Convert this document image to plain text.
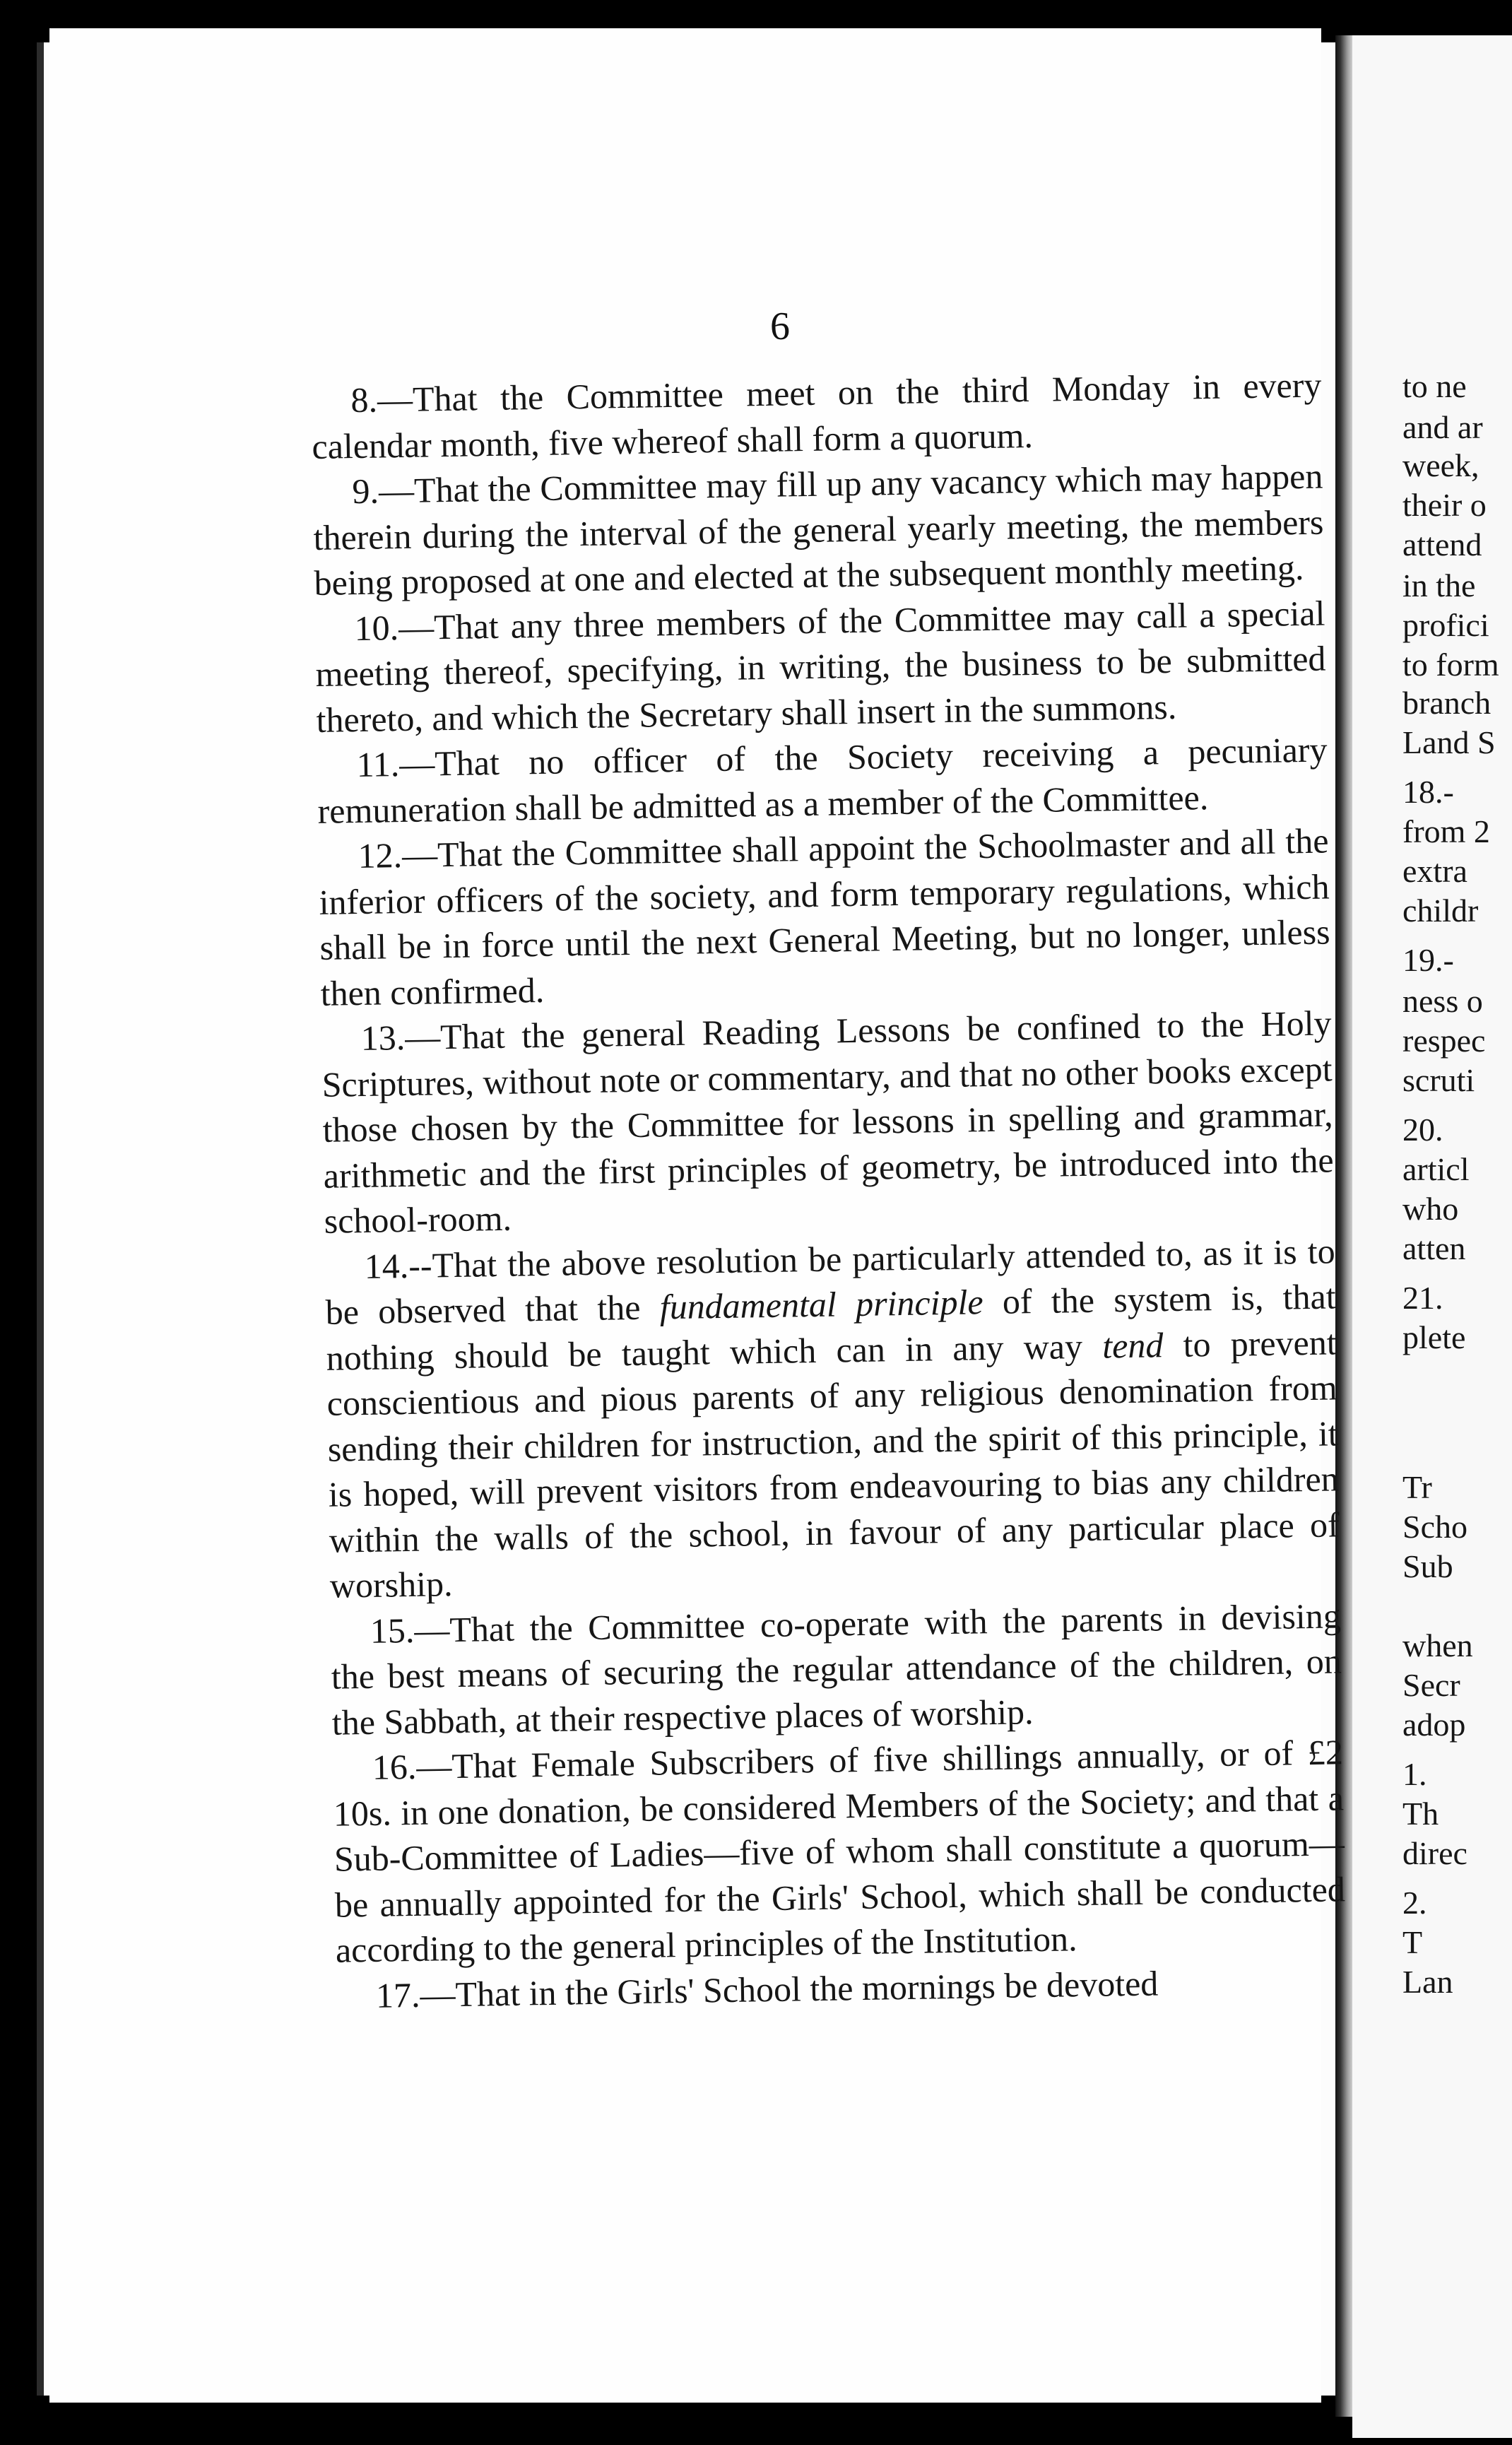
6

8.—That the Committee meet on the third Monday in every calendar month, five whereof shall form a quorum.

9.—That the Committee may fill up any vacancy which may happen therein during the interval of the general yearly meeting, the members being proposed at one and elected at the subsequent monthly meeting.

10.—That any three members of the Committee may call a special meeting thereof, specifying, in writing, the business to be submitted thereto, and which the Secretary shall insert in the summons.

11.—That no officer of the Society receiving a pecuniary remuneration shall be admitted as a member of the Committee.

12.—That the Committee shall appoint the Schoolmaster and all the inferior officers of the society, and form temporary regulations, which shall be in force until the next General Meeting, but no longer, unless then confirmed.

13.—That the general Reading Lessons be confined to the Holy Scriptures, without note or commentary, and that no other books except those chosen by the Committee for lessons in spelling and grammar, arithmetic and the first principles of geometry, be introduced into the school-room.

14.--That the above resolution be particularly attended to, as it is to be observed that the fundamental principle of the system is, that nothing should be taught which can in any way tend to prevent conscientious and pious parents of any religious denomination from sending their children for instruction, and the spirit of this principle, it is hoped, will prevent visitors from endeavouring to bias any children within the walls of the school, in favour of any particular place of worship.

15.—That the Committee co-operate with the parents in devising the best means of securing the regular attendance of the children, on the Sabbath, at their respective places of worship.

16.—That Female Subscribers of five shillings annually, or of £2 10s. in one donation, be considered Members of the Society; and that a Sub-Committee of Ladies—five of whom shall constitute a quorum—be annually appointed for the Girls' School, which shall be conducted according to the general principles of the Institution.

17.—That in the Girls' School the mornings be devoted

to ne
and ar
week,
their o
attend
in the
profici
to form
branch
Land S
18.-
from 2
extra
childr
19.-
ness o
respec
scruti
20.
articl
who
atten
21.
plete
Tr
Scho
Sub
when
Secr
adop
1.
Th
direc
2.
T
Lan
